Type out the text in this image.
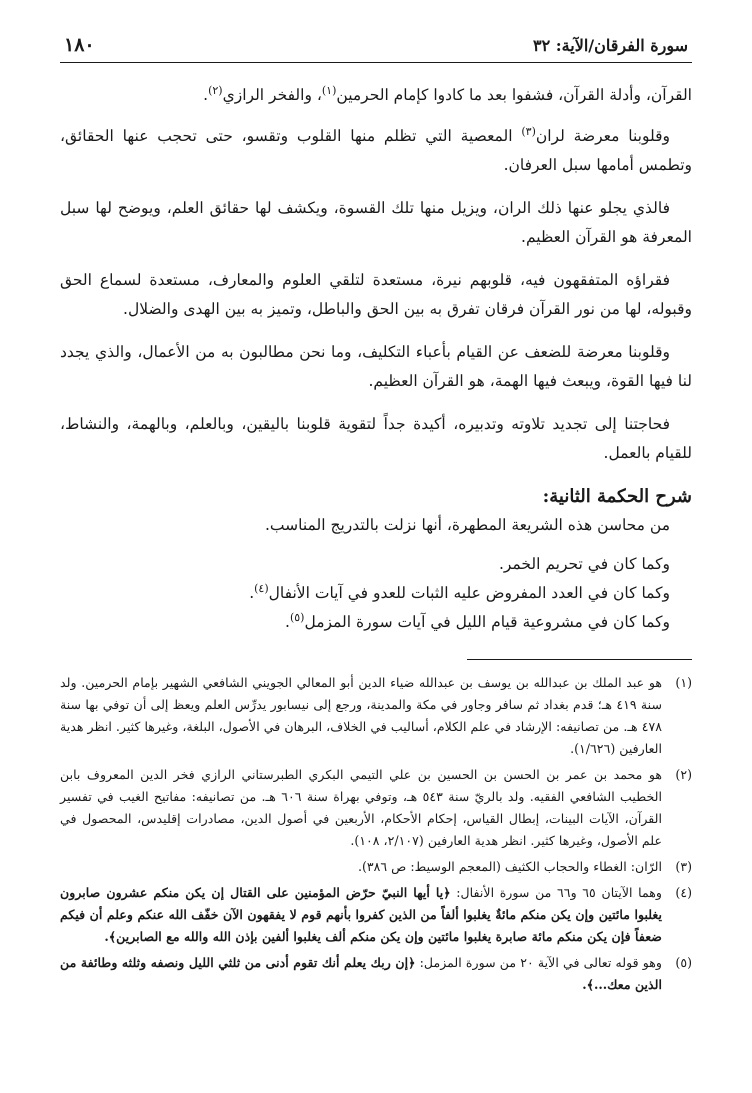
سورة الفرقان/الآية: ٣٢
١٨٠

القرآن، وأدلة القرآن، فشفوا بعد ما كادوا كإمام الحرمين$^{(١)}$، والفخر الرازي$^{(٢)}$.

وقلوبنا معرضة لران$^{(٣)}$ المعصية التي تظلم منها القلوب وتقسو، حتى تحجب عنها الحقائق، وتطمس أمامها سبل العرفان.

فالذي يجلو عنها ذلك الران، ويزيل منها تلك القسوة، ويكشف لها حقائق العلم، ويوضح لها سبل المعرفة هو القرآن العظيم.

فقراؤه المتفقهون فيه، قلوبهم نيرة، مستعدة لتلقي العلوم والمعارف، مستعدة لسماع الحق وقبوله، لها من نور القرآن فرقان تفرق به بين الحق والباطل، وتميز به بين الهدى والضلال.

وقلوبنا معرضة للضعف عن القيام بأعباء التكليف، وما نحن مطالبون به من الأعمال، والذي يجدد لنا فيها القوة، ويبعث فيها الهمة، هو القرآن العظيم.

فحاجتنا إلى تجديد تلاوته وتدبيره، أكيدة جداً لتقوية قلوبنا باليقين، وبالعلم، وبالهمة، والنشاط، للقيام بالعمل.

شرح الحكمة الثانية:

من محاسن هذه الشريعة المطهرة، أنها نزلت بالتدريج المناسب.

وكما كان في تحريم الخمر.

وكما كان في العدد المفروض عليه الثبات للعدو في آيات الأنفال$^{(٤)}$.

وكما كان في مشروعية قيام الليل في آيات سورة المزمل$^{(٥)}$.

(١)
هو عبد الملك بن عبدالله بن يوسف بن عبدالله ضياء الدين أبو المعالي الجويني الشافعي الشهير بإمام الحرمين. ولد سنة ٤١٩ هـ؛ قدم بغداد ثم سافر وجاور في مكة والمدينة، ورجع إلى نيسابور يدرِّس العلم ويعظ إلى أن توفي بها سنة ٤٧٨ هـ. من تصانيفه: الإرشاد في علم الكلام، أساليب في الخلاف، البرهان في الأصول، البلغة، وغيرها كثير. انظر هدية العارفين (١/٦٢٦).
(٢)
هو محمد بن عمر بن الحسن بن الحسين بن علي التيمي البكري الطبرستاني الرازي فخر الدين المعروف بابن الخطيب الشافعي الفقيه. ولد بالريّ سنة ٥٤٣ هـ، وتوفي بهراة سنة ٦٠٦ هـ. من تصانيفه: مفاتيح الغيب في تفسير القرآن، الآيات البينات، إبطال القياس، إحكام الأحكام، الأربعين في أصول الدين، مصادرات إقليدس، المحصول في علم الأصول، وغيرها كثير. انظر هدية العارفين (٢/١٠٧، ١٠٨).
(٣)
الرّان: الغطاء والحجاب الكثيف (المعجم الوسيط: ص ٣٨٦).
(٤)
وهما الآيتان ٦٥ و٦٦ من سورة الأنفال: ﴿يا أيها النبيّ حرّض المؤمنين على القتال إن يكن منكم عشرون صابرون يغلبوا مائتين وإن يكن منكم مائةٌ يغلبوا ألفاً من الذين كفروا بأنهم قوم لا يفقهون الآن خفّف الله عنكم وعلم أن فيكم ضعفاً فإن يكن منكم مائة صابرة يغلبوا مائتين وإن يكن منكم ألف يغلبوا ألفين بإذن الله والله مع الصابرين﴾.
(٥)
وهو قوله تعالى في الآية ٢٠ من سورة المزمل: ﴿إن ربك يعلم أنك تقوم أدنى من ثلثي الليل ونصفه وثلثه وطائفة من الذين معك...﴾.
